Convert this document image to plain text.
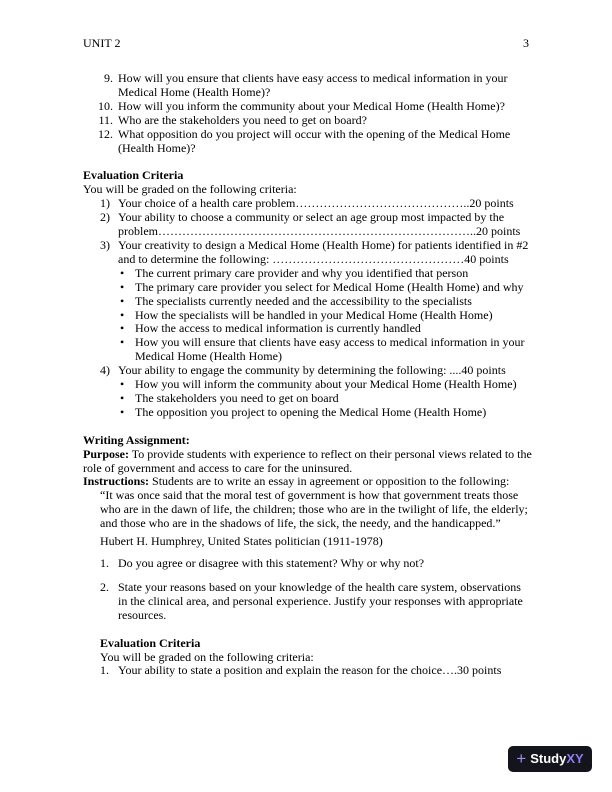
UNIT 2	3
9. How will you ensure that clients have easy access to medical information in your Medical Home (Health Home)?
10. How will you inform the community about your Medical Home (Health Home)?
11. Who are the stakeholders you need to get on board?
12. What opposition do you project will occur with the opening of the Medical Home (Health Home)?
Evaluation Criteria
You will be graded on the following criteria:
1) Your choice of a health care problem……………………………………..20 points
2) Your ability to choose a community or select an age group most impacted by the problem……………………………………………………………………..20 points
3) Your creativity to design a Medical Home (Health Home) for patients identified in #2 and to determine the following: …………………………………………40 points
• The current primary care provider and why you identified that person
• The primary care provider you select for Medical Home (Health Home) and why
• The specialists currently needed and the accessibility to the specialists
• How the specialists will be handled in your Medical Home (Health Home)
• How the access to medical information is currently handled
• How you will ensure that clients have easy access to medical information in your Medical Home (Health Home)
4) Your ability to engage the community by determining the following: ....40 points
• How you will inform the community about your Medical Home (Health Home)
• The stakeholders you need to get on board
• The opposition you project to opening the Medical Home (Health Home)
Writing Assignment:
Purpose: To provide students with experience to reflect on their personal views related to the role of government and access to care for the uninsured.
Instructions: Students are to write an essay in agreement or opposition to the following:
“It was once said that the moral test of government is how that government treats those who are in the dawn of life, the children; those who are in the twilight of life, the elderly; and those who are in the shadows of life, the sick, the needy, and the handicapped.”
Hubert H. Humphrey, United States politician (1911-1978)
1. Do you agree or disagree with this statement? Why or why not?
2. State your reasons based on your knowledge of the health care system, observations in the clinical area, and personal experience. Justify your responses with appropriate resources.
Evaluation Criteria
You will be graded on the following criteria:
1. Your ability to state a position and explain the reason for the choice….30 points
+ Study XY
